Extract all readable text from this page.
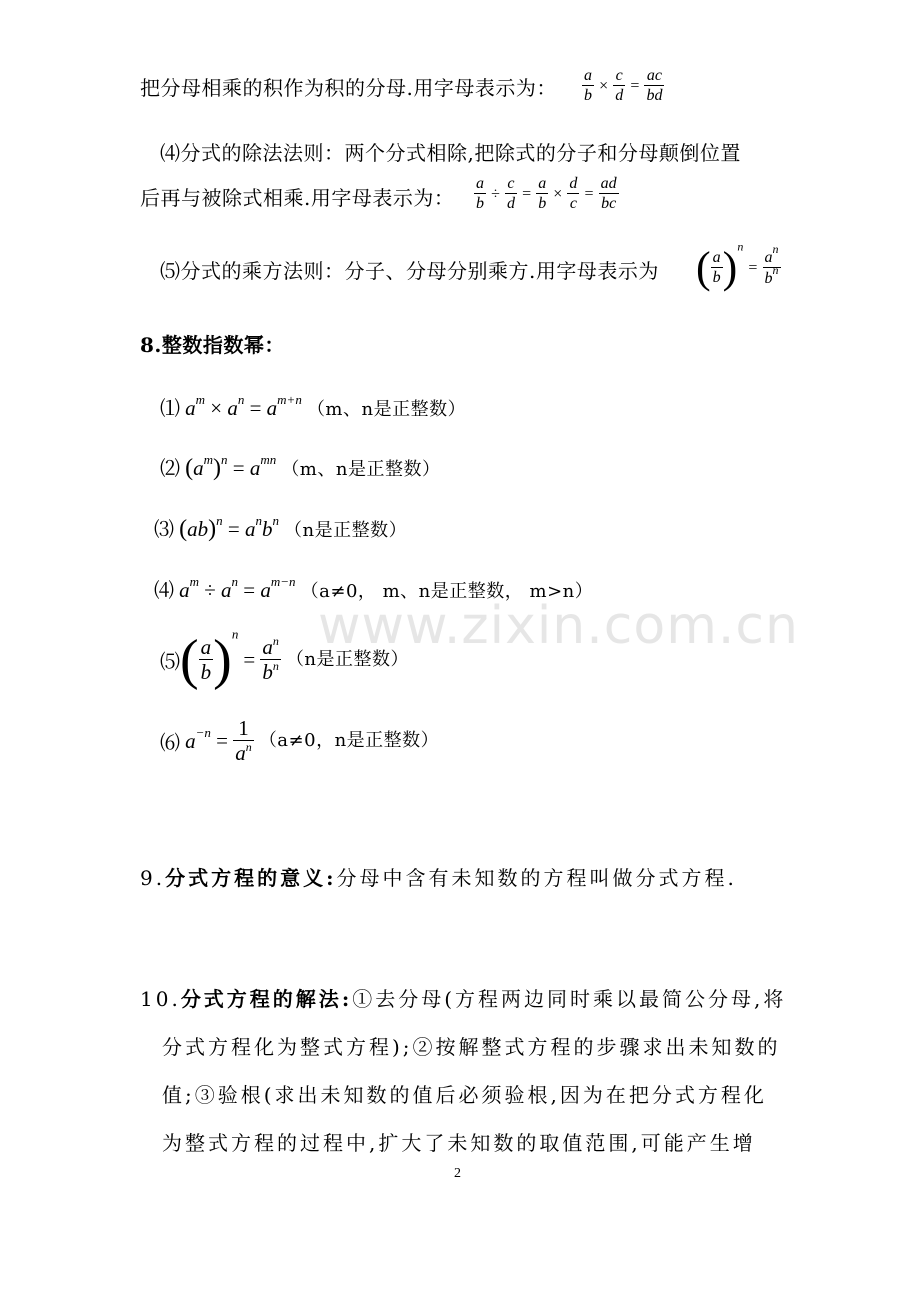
把分母相乘的积作为积的分母.用字母表示为： $\frac{a}{b} \times \frac{c}{d} = \frac{ac}{bd}$
⑷分式的除法法则：两个分式相除,把除式的分子和分母颠倒位置
后再与被除式相乘.用字母表示为： $\frac{a}{b} \div \frac{c}{d} = \frac{a}{b} \times \frac{d}{c} = \frac{ad}{bc}$
⑸分式的乘方法则：分子、分母分别乘方.用字母表示为 ( $\frac{a}{b} )^n = \frac{a^n}{b^n}$
8.整数指数幂：
⑴ $a^m \times a^n = a^{m+n}$ （m、n是正整数）
⑵ $(a^m)^n = a^{mn}$ （m、n是正整数）
⑶ $(ab)^n = a^nb^n$ （n是正整数）
⑷ $a^m \div a^n = a^{m-n}$ （a≠0， m、n是正整数， m>n）
⑸( $\frac{a}{b} )^n = \frac{a^n}{b^n} (n$是正整数）
⑹ $a^{-n} = \frac{1}{a^n} (a\ne 0$，n是正整数）
www.zixin.com.cn
9.分式方程的意义:分母中含有未知数的方程叫做分式方程.
10.分式方程的解法:①去分母(方程两边同时乘以最简公分母,将
分式方程化为整式方程);②按解整式方程的步骤求出未知数的
值;③验根(求出未知数的值后必须验根,因为在把分式方程化
为整式方程的过程中,扩大了未知数的取值范围,可能产生增
2
